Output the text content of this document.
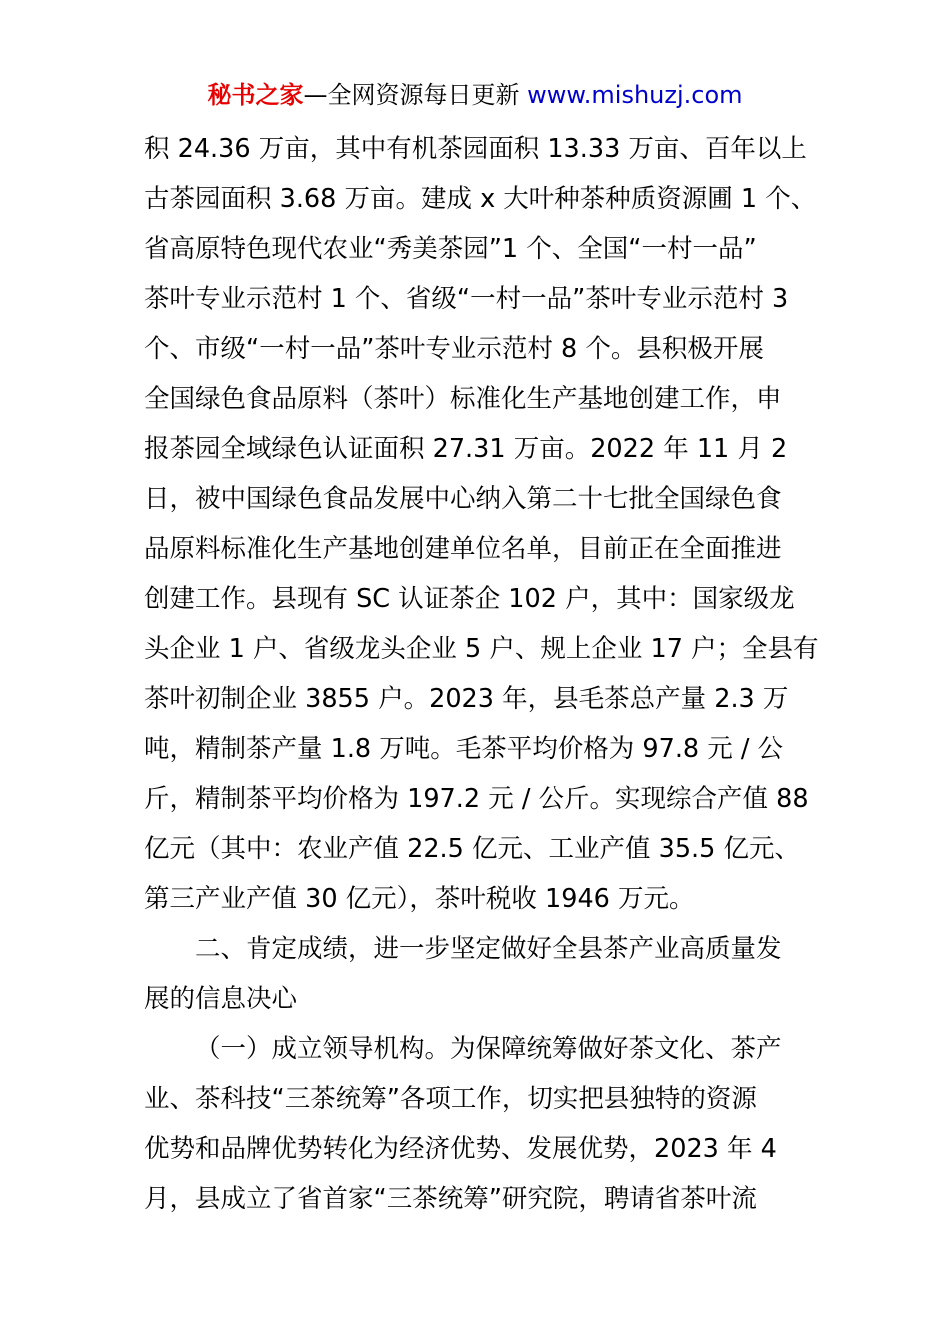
秘书之家—全网资源每日更新 www.mishuzj.com
积 24.36 万亩，其中有机茶园面积 13.33 万亩、百年以上
古茶园面积 3.68 万亩。建成 x 大叶种茶种质资源圃 1 个、
省高原特色现代农业“秀美茶园”1 个、全国“一村一品”
茶叶专业示范村 1 个、省级“一村一品”茶叶专业示范村 3
个、市级“一村一品”茶叶专业示范村 8 个。县积极开展
全国绿色食品原料（茶叶）标准化生产基地创建工作，申
报茶园全域绿色认证面积 27.31 万亩。2022 年 11 月 2
日，被中国绿色食品发展中心纳入第二十七批全国绿色食
品原料标准化生产基地创建单位名单，目前正在全面推进
创建工作。县现有 SC 认证茶企 102 户，其中：国家级龙
头企业 1 户、省级龙头企业 5 户、规上企业 17 户；全县有
茶叶初制企业 3855 户。2023 年，县毛茶总产量 2.3 万
吨，精制茶产量 1.8 万吨。毛茶平均价格为 97.8 元 / 公
斤，精制茶平均价格为 197.2 元 / 公斤。实现综合产值 88
亿元（其中：农业产值 22.5 亿元、工业产值 35.5 亿元、
第三产业产值 30 亿元），茶叶税收 1946 万元。
二、肯定成绩，进一步坚定做好全县茶产业高质量发
展的信息决心
（一）成立领导机构。为保障统筹做好茶文化、茶产
业、茶科技“三茶统筹”各项工作，切实把县独特的资源
优势和品牌优势转化为经济优势、发展优势，2023 年 4
月，县成立了省首家“三茶统筹”研究院，聘请省茶叶流
